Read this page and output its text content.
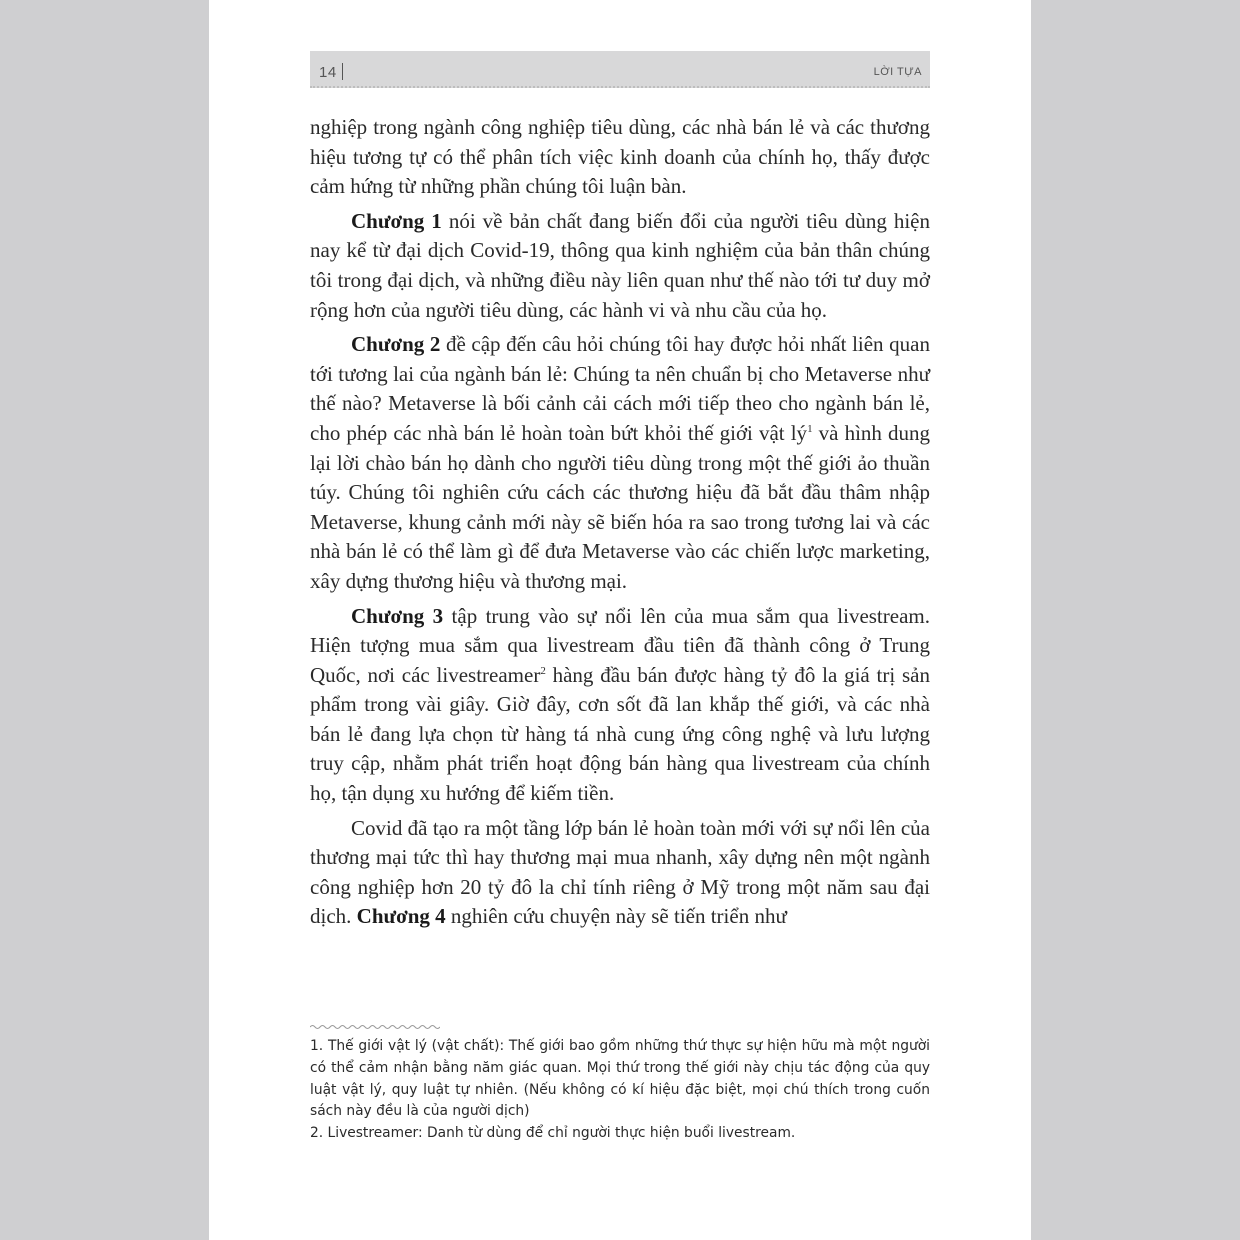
14	LỜI TỰA

nghiệp trong ngành công nghiệp tiêu dùng, các nhà bán lẻ và các thương hiệu tương tự có thể phân tích việc kinh doanh của chính họ, thấy được cảm hứng từ những phần chúng tôi luận bàn.

Chương 1 nói về bản chất đang biến đổi của người tiêu dùng hiện nay kể từ đại dịch Covid-19, thông qua kinh nghiệm của bản thân chúng tôi trong đại dịch, và những điều này liên quan như thế nào tới tư duy mở rộng hơn của người tiêu dùng, các hành vi và nhu cầu của họ.

Chương 2 đề cập đến câu hỏi chúng tôi hay được hỏi nhất liên quan tới tương lai của ngành bán lẻ: Chúng ta nên chuẩn bị cho Metaverse như thế nào? Metaverse là bối cảnh cải cách mới tiếp theo cho ngành bán lẻ, cho phép các nhà bán lẻ hoàn toàn bứt khỏi thế giới vật $lý^1$ và hình dung lại lời chào bán họ dành cho người tiêu dùng trong một thế giới ảo thuần túy. Chúng tôi nghiên cứu cách các thương hiệu đã bắt đầu thâm nhập Metaverse, khung cảnh mới này sẽ biến hóa ra sao trong tương lai và các nhà bán lẻ có thể làm gì để đưa Metaverse vào các chiến lược marketing, xây dựng thương hiệu và thương mại.

Chương 3 tập trung vào sự nổi lên của mua sắm qua livestream. Hiện tượng mua sắm qua livestream đầu tiên đã thành công ở Trung Quốc, nơi các livestreamer$^2$ hàng đầu bán được hàng tỷ đô la giá trị sản phẩm trong vài giây. Giờ đây, cơn sốt đã lan khắp thế giới, và các nhà bán lẻ đang lựa chọn từ hàng tá nhà cung ứng công nghệ và lưu lượng truy cập, nhằm phát triển hoạt động bán hàng qua livestream của chính họ, tận dụng xu hướng để kiếm tiền.

Covid đã tạo ra một tầng lớp bán lẻ hoàn toàn mới với sự nổi lên của thương mại tức thì hay thương mại mua nhanh, xây dựng nên một ngành công nghiệp hơn 20 tỷ đô la chỉ tính riêng ở Mỹ trong một năm sau đại dịch. Chương 4 nghiên cứu chuyện này sẽ tiến triển như

1. Thế giới vật lý (vật chất): Thế giới bao gồm những thứ thực sự hiện hữu mà một người có thể cảm nhận bằng năm giác quan. Mọi thứ trong thế giới này chịu tác động của quy luật vật lý, quy luật tự nhiên. (Nếu không có kí hiệu đặc biệt, mọi chú thích trong cuốn sách này đều là của người dịch)

2. Livestreamer: Danh từ dùng để chỉ người thực hiện buổi livestream.
